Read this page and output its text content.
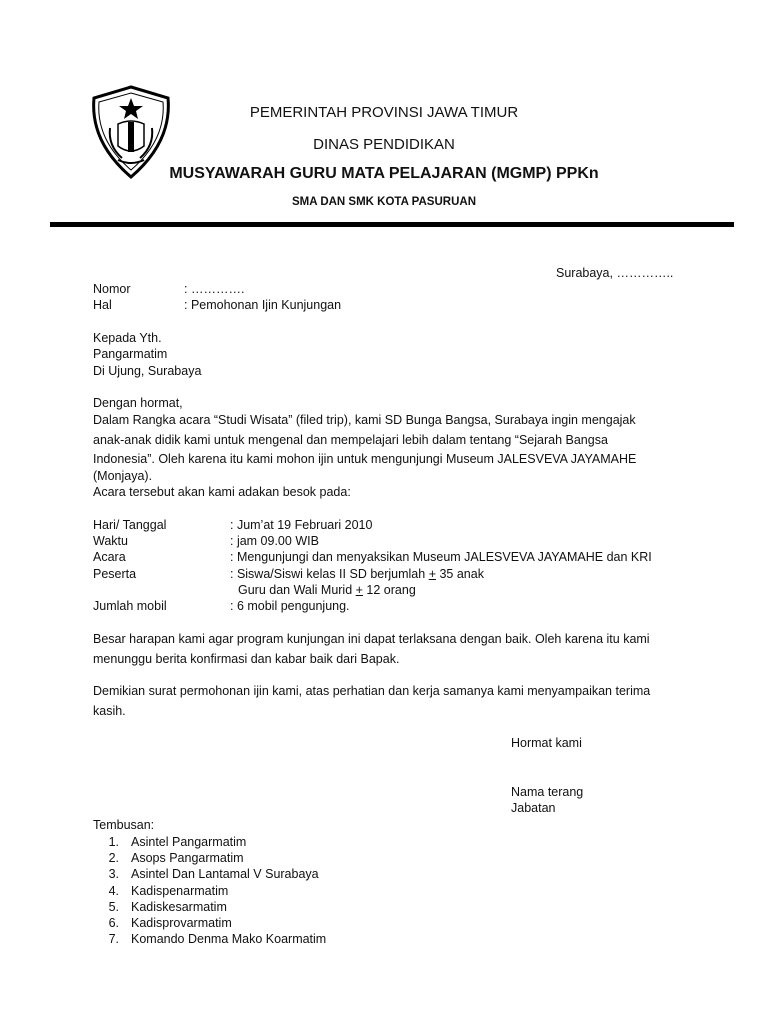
PEMERINTAH PROVINSI JAWA TIMUR
DINAS PENDIDIKAN
MUSYAWARAH GURU MATA PELAJARAN (MGMP) PPKn
SMA DAN SMK KOTA PASURUAN
Surabaya, …………..
Nomor	: ………….
Hal	: Pemohonan Ijin Kunjungan
Kepada Yth.
Pangarmatim
Di Ujung, Surabaya
Dengan hormat,
Dalam Rangka acara “Studi Wisata” (filed trip), kami SD Bunga Bangsa, Surabaya ingin mengajak
anak-anak didik kami untuk mengenal dan mempelajari lebih dalam tentang “Sejarah Bangsa
Indonesia”. Oleh karena itu kami mohon ijin untuk mengunjungi Museum JALESVEVA JAYAMAHE
(Monjaya).
Acara tersebut akan kami adakan besok pada:
Hari/ Tanggal	: Jum’at 19 Februari 2010
Waktu	: jam 09.00 WIB
Acara	: Mengunjungi dan menyaksikan Museum JALESVEVA JAYAMAHE dan KRI
Peserta	: Siswa/Siswi kelas II SD berjumlah + 35 anak
Guru dan Wali Murid + 12 orang
Jumlah mobil	: 6 mobil pengunjung.
Besar harapan kami agar program kunjungan ini dapat terlaksana dengan baik. Oleh karena itu kami
menunggu berita konfirmasi dan kabar baik dari Bapak.
Demikian surat permohonan ijin kami, atas perhatian dan kerja samanya kami menyampaikan terima
kasih.
Hormat kami
Nama terang
Jabatan
Tembusan:
1. Asintel Pangarmatim
2. Asops Pangarmatim
3. Asintel Dan Lantamal V Surabaya
4. Kadispenarmatim
5. Kadiskesarmatim
6. Kadisprovarmatim
7. Komando Denma Mako Koarmatim
